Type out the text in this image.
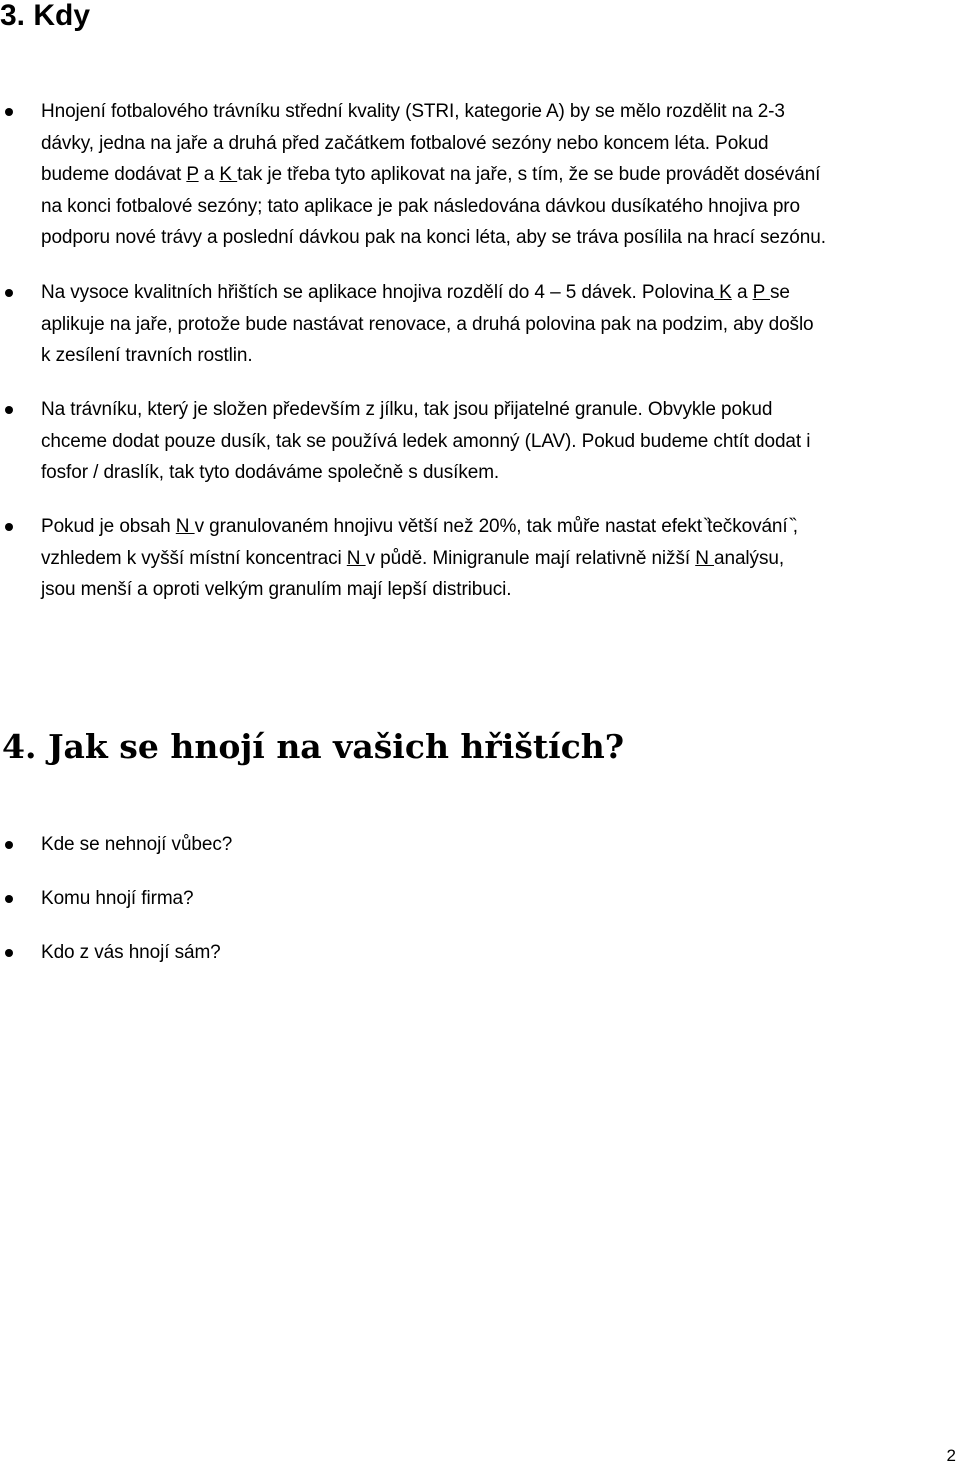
3. Kdy

Hnojení fotbalového trávníku střední kvality (STRI, kategorie A) by se mělo rozdělit na 2-3

dávky, jedna na jaře a druhá před začátkem fotbalové sezóny nebo koncem léta. Pokud

budeme dodávat P a K tak je třeba tyto aplikovat na jaře, s tím, že se bude provádět dosévání

na konci fotbalové sezóny; tato aplikace je pak následována dávkou dusíkatého hnojiva pro

podporu nové trávy a poslední dávkou pak na konci léta, aby se tráva posílila na hrací sezónu.

Na vysoce kvalitních hřištích se aplikace hnojiva rozdělí do 4 ‒ 5 dávek. Polovina K a P se

aplikuje na jaře, protože bude nastávat renovace, a druhá polovina pak na podzim, aby došlo

k zesílení travních rostlin.

Na trávníku, který je složen především z jílku, tak jsou přijatelné granule. Obvykle pokud

chceme dodat pouze dusík, tak se používá ledek amonný (LAV). Pokud budeme chtít dodat i

fosfor / draslík, tak tyto dodáváme společně s dusíkem.

Pokud je obsah N v granulovaném hnojivu větší než 20%, tak můře nastat efekt ̏tečkování ̏,

vzhledem k vyšší místní koncentraci N v půdě. Minigranule mají relativně nižší N analýsu,

jsou menší a oproti velkým granulím mají lepší distribuci.

4. Jak se hnojí na vašich hřištích?

Kde se nehnojí vůbec?

Komu hnojí firma?

Kdo z vás hnojí sám?

2
